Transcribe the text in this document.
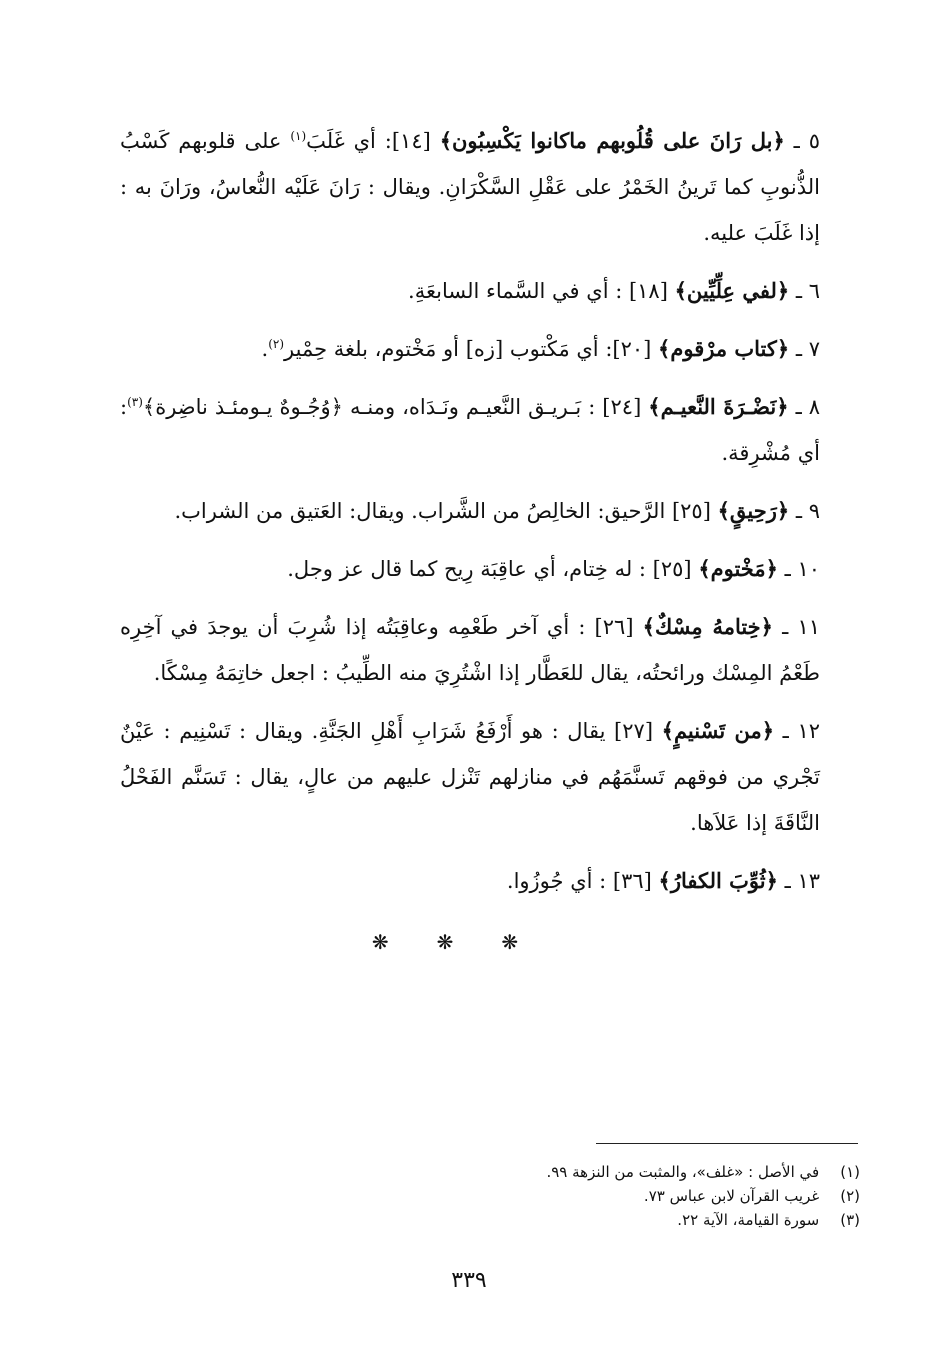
٥ ـ ﴿بل رَانَ على قُلُوبهم ماكانوا يَكْسِبُون﴾ [١٤]: أي غَلَبَ$^{(١)}$ على قلوبهم كَسْبُ الذُّنوبِ كما تَرينُ الخَمْرُ على عَقْلِ السَّكْرَانِ. ويقال : رَانَ عَلَيْه النُّعاسُ، ورَانَ به : إذا غَلَبَ عليه.

٦ ـ ﴿لفي عِلِّيِّين﴾ [١٨] : أي في السَّماء السابعَةِ.

٧ ـ ﴿كتاب مرْقوم﴾ [٢٠]: أي مَكْتوب [زه] أو مَخْتوم، بلغة حِمْير$^{(٢)}$.

٨ ـ ﴿نَضْـرَةَ النَّعيـم﴾ [٢٤] : بَـريـق النَّعيـم ونَـدَاه، ومنـه ﴿وُجُـوهٌ يـومئـذ ناضِرة﴾$^{(٣)}$: أي مُشْرِقة.

٩ ـ ﴿رَحِيقٍ﴾ [٢٥] الرَّحيق: الخالِصُ من الشَّراب. ويقال: العَتيق من الشراب.

١٠ ـ ﴿مَخْتوم﴾ [٢٥] : له خِتام، أي عاقِبَة رِيح كما قال عز وجل.

١١ ـ ﴿خِتامهُ مِسْكٌ﴾ [٢٦] : أي آخر طَعْمِه وعاقِبَتُه إذا شُرِبَ أن يوجدَ في آخِرِه طَعْمُ المِسْك ورائحتُه، يقال للعَطَّار إذا اشْتُرِيَ منه الطِّيبُ : اجعل خاتِمَهُ مِسْكًا.

١٢ ـ ﴿من تَسْنيمٍ﴾ [٢٧] يقال : هو أَرْفَعُ شَرَابِ أَهْلِ الجَنَّةِ. ويقال : تَسْنِيم : عَيْنٌ تَجْري من فوقهم تَسنَّمَهُم في منازلهم تَنْزل عليهم من عالٍ، يقال : تَسَنَّم الفَحْلُ النَّاقَةَ إذا عَلاَها.

١٣ ـ ﴿ثُوِّبَ الكفارُ﴾ [٣٦] : أي جُوزُوا.

❋❋❋
(١) في الأصل : «غلف»، والمثبت من النزهة ٩٩.
(٢) غريب القرآن لابن عباس ٧٣.
(٣) سورة القيامة، الآية ٢٢.
٣٣٩
